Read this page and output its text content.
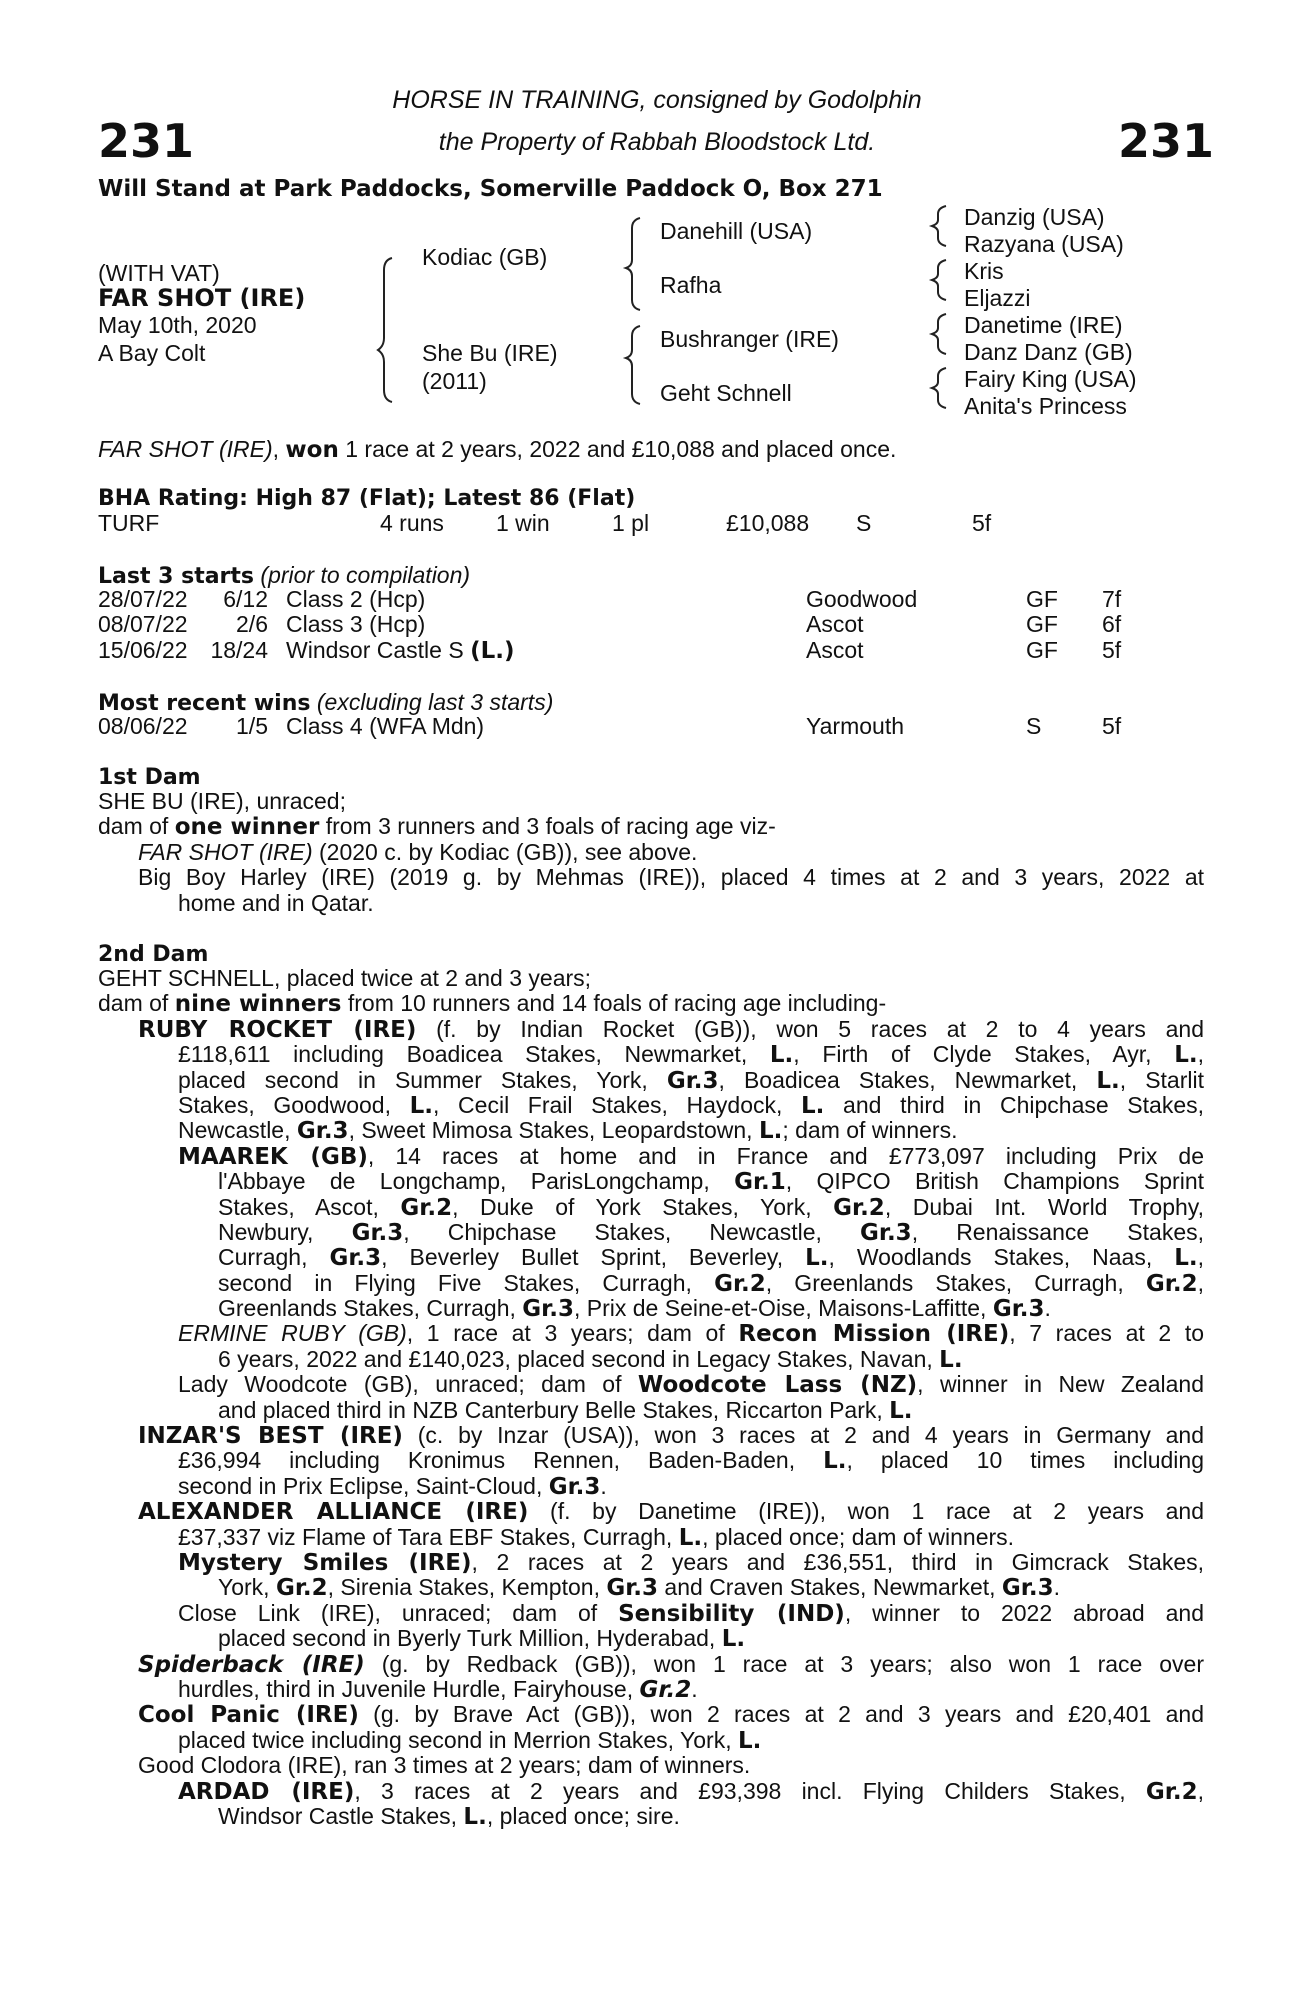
231	231
HORSE IN TRAINING, consigned by Godolphin
the Property of Rabbah Bloodstock Ltd.
Will Stand at Park Paddocks, Somerville Paddock O, Box 271
(WITH VAT)
FAR SHOT (IRE)
May 10th, 2020
A Bay Colt
Kodiac (GB)
She Bu (IRE)
(2011)
Danehill (USA)
Rafha
Bushranger (IRE)
Geht Schnell
Danzig (USA)
Razyana (USA)
Kris
Eljazzi
Danetime (IRE)
Danz Danz (GB)
Fairy King (USA)
Anita's Princess
FAR SHOT (IRE), won 1 race at 2 years, 2022 and £10,088 and placed once.
BHA Rating: High 87 (Flat); Latest 86 (Flat)
TURF	4 runs 1 win	1 pl	£10,088 S	5f
Last 3 starts (prior to compilation)
28/07/22	6/12 Class 2 (Hcp)	Goodwood	GF 7f
08/07/22	2/6 Class 3 (Hcp)	Ascot	GF 6f
15/06/22 18/24 Windsor Castle S (L.)	Ascot	GF 5f
Most recent wins (excluding last 3 starts)
08/06/22	1/5 Class 4 (WFA Mdn)	Yarmouth	S	5f
1st Dam
SHE BU (IRE), unraced;
dam of one winner from 3 runners and 3 foals of racing age viz-
FAR SHOT (IRE) (2020 c. by Kodiac (GB)), see above.
Big Boy Harley (IRE) (2019 g. by Mehmas (IRE)), placed 4 times at 2 and 3 years, 2022 at
home and in Qatar.
2nd Dam
GEHT SCHNELL, placed twice at 2 and 3 years;
dam of nine winners from 10 runners and 14 foals of racing age including-
RUBY ROCKET (IRE) (f. by Indian Rocket (GB)), won 5 races at 2 to 4 years and
£118,611 including Boadicea Stakes, Newmarket, L., Firth of Clyde Stakes, Ayr, L.,
placed second in Summer Stakes, York, Gr.3, Boadicea Stakes, Newmarket, L., Starlit
Stakes, Goodwood, L., Cecil Frail Stakes, Haydock, L. and third in Chipchase Stakes,
Newcastle, Gr.3, Sweet Mimosa Stakes, Leopardstown, L.; dam of winners.
MAAREK (GB), 14 races at home and in France and £773,097 including Prix de
l'Abbaye de Longchamp, ParisLongchamp, Gr.1, QIPCO British Champions Sprint
Stakes, Ascot, Gr.2, Duke of York Stakes, York, Gr.2, Dubai Int. World Trophy,
Newbury, Gr.3, Chipchase Stakes, Newcastle, Gr.3, Renaissance Stakes,
Curragh, Gr.3, Beverley Bullet Sprint, Beverley, L., Woodlands Stakes, Naas, L.,
second in Flying Five Stakes, Curragh, Gr.2, Greenlands Stakes, Curragh, Gr.2,
Greenlands Stakes, Curragh, Gr.3, Prix de Seine-et-Oise, Maisons-Laffitte, Gr.3.
ERMINE RUBY (GB), 1 race at 3 years; dam of Recon Mission (IRE), 7 races at 2 to
6 years, 2022 and £140,023, placed second in Legacy Stakes, Navan, L.
Lady Woodcote (GB), unraced; dam of Woodcote Lass (NZ), winner in New Zealand
and placed third in NZB Canterbury Belle Stakes, Riccarton Park, L.
INZAR'S BEST (IRE) (c. by Inzar (USA)), won 3 races at 2 and 4 years in Germany and
£36,994 including Kronimus Rennen, Baden-Baden, L., placed 10 times including
second in Prix Eclipse, Saint-Cloud, Gr.3.
ALEXANDER ALLIANCE (IRE) (f. by Danetime (IRE)), won 1 race at 2 years and
£37,337 viz Flame of Tara EBF Stakes, Curragh, L., placed once; dam of winners.
Mystery Smiles (IRE), 2 races at 2 years and £36,551, third in Gimcrack Stakes,
York, Gr.2, Sirenia Stakes, Kempton, Gr.3 and Craven Stakes, Newmarket, Gr.3.
Close Link (IRE), unraced; dam of Sensibility (IND), winner to 2022 abroad and
placed second in Byerly Turk Million, Hyderabad, L.
Spiderback (IRE) (g. by Redback (GB)), won 1 race at 3 years; also won 1 race over
hurdles, third in Juvenile Hurdle, Fairyhouse, Gr.2.
Cool Panic (IRE) (g. by Brave Act (GB)), won 2 races at 2 and 3 years and £20,401 and
placed twice including second in Merrion Stakes, York, L.
Good Clodora (IRE), ran 3 times at 2 years; dam of winners.
ARDAD (IRE), 3 races at 2 years and £93,398 incl. Flying Childers Stakes, Gr.2,
Windsor Castle Stakes, L., placed once; sire.
